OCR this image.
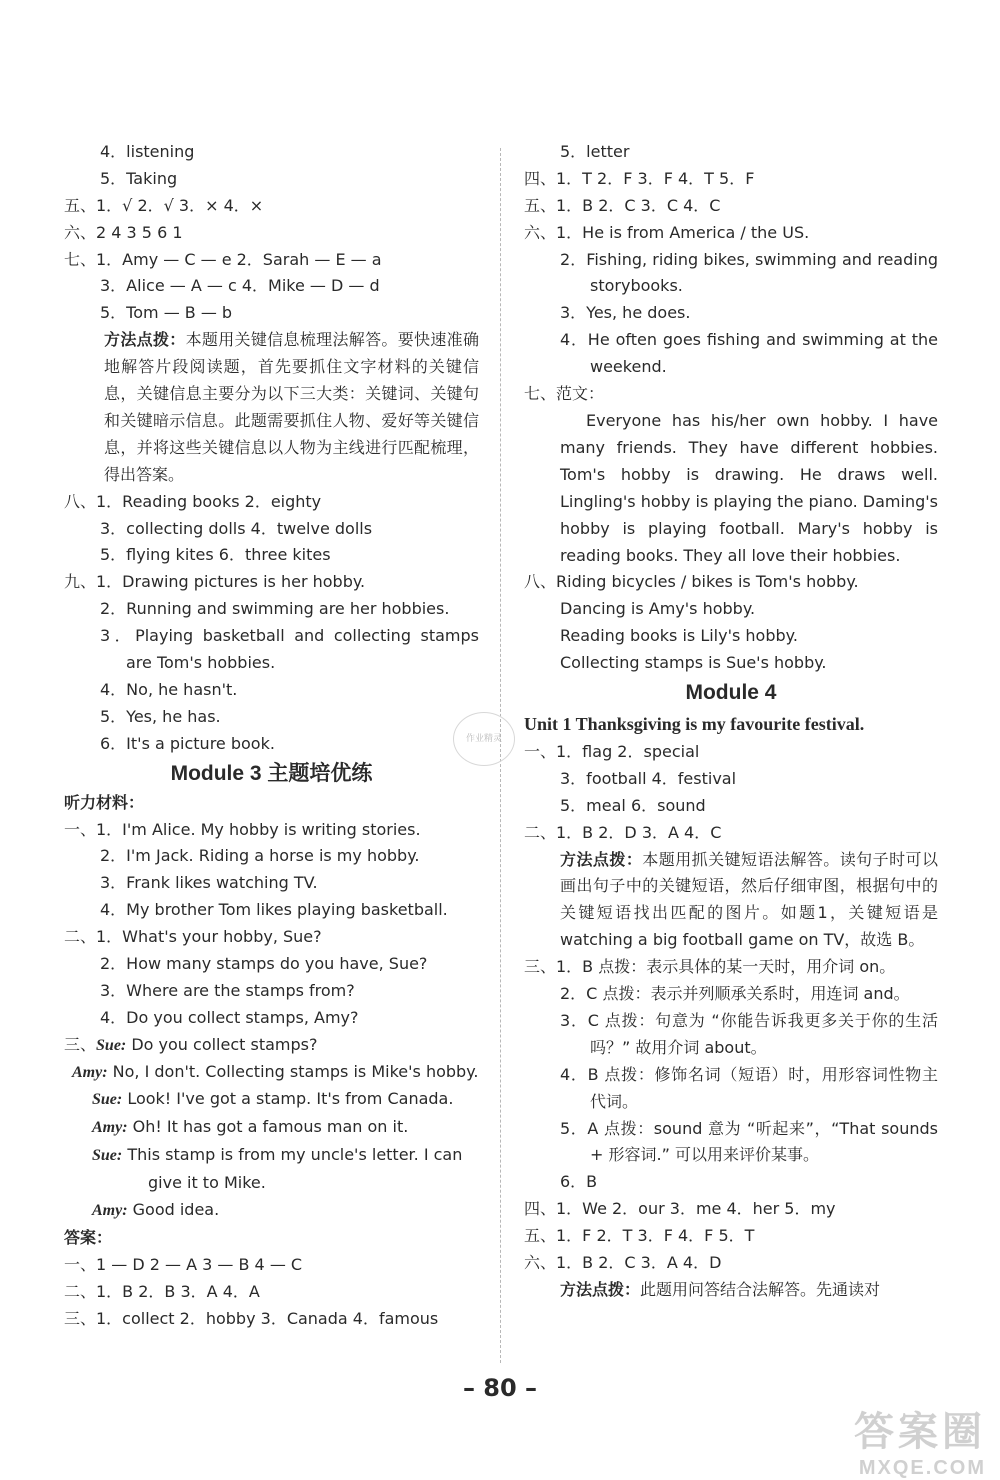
4．listening
5．Taking
五、1．√ 2．√ 3．× 4．×
六、2 4 3 5 6 1
七、1．Amy — C — e 2．Sarah — E — a
3．Alice — A — c 4．Mike — D — d
5．Tom — B — b
方法点拨：本题用关键信息梳理法解答。要快速准确地解答片段阅读题，首先要抓住文字材料的关键信息，关键信息主要分为以下三大类：关键词、关键句和关键暗示信息。此题需要抓住人物、爱好等关键信息，并将这些关键信息以人物为主线进行匹配梳理，得出答案。
八、1．Reading books 2．eighty
3．collecting dolls 4．twelve dolls
5．flying kites 6．three kites
九、1．Drawing pictures is her hobby.
2．Running and swimming are her hobbies.
3．Playing basketball and collecting stamps are Tom's hobbies.
4．No, he hasn't.
5．Yes, he has.
6．It's a picture book.
Module 3 主题培优练
听力材料：
一、1．I'm Alice. My hobby is writing stories.
2．I'm Jack. Riding a horse is my hobby.
3．Frank likes watching TV.
4．My brother Tom likes playing basketball.
二、1．What's your hobby, Sue?
2．How many stamps do you have, Sue?
3．Where are the stamps from?
4．Do you collect stamps, Amy?
三、Sue: Do you collect stamps?
Amy: No, I don't. Collecting stamps is Mike's hobby.
Sue: Look! I've got a stamp. It's from Canada.
Amy: Oh! It has got a famous man on it.
Sue: This stamp is from my uncle's letter. I can give it to Mike.
Amy: Good idea.
答案：
一、1 — D 2 — A 3 — B 4 — C
二、1．B 2．B 3．A 4．A
三、1．collect 2．hobby 3．Canada 4．famous
作业精灵
5．letter
四、1．T 2．F 3．F 4．T 5．F
五、1．B 2．C 3．C 4．C
六、1．He is from America / the US.
2．Fishing, riding bikes, swimming and reading storybooks.
3．Yes, he does.
4．He often goes fishing and swimming at the weekend.
七、范文：
Everyone has his/her own hobby. I have many friends. They have different hobbies. Tom's hobby is drawing. He draws well. Lingling's hobby is playing the piano. Daming's hobby is playing football. Mary's hobby is reading books. They all love their hobbies.
八、Riding bicycles / bikes is Tom's hobby.
Dancing is Amy's hobby.
Reading books is Lily's hobby.
Collecting stamps is Sue's hobby.
Module 4
Unit 1 Thanksgiving is my favourite festival.
一、1．flag 2．special
3．football 4．festival
5．meal 6．sound
二、1．B 2．D 3．A 4．C
方法点拨：本题用抓关键短语法解答。读句子时可以画出句子中的关键短语，然后仔细审图，根据句中的关键短语找出匹配的图片。如题1，关键短语是 watching a big football game on TV，故选 B。
三、1．B 点拨：表示具体的某一天时，用介词 on。
2．C 点拨：表示并列顺承关系时，用连词 and。
3．C 点拨：句意为 “你能告诉我更多关于你的生活吗？” 故用介词 about。
4．B 点拨：修饰名词（短语）时，用形容词性物主代词。
5．A 点拨：sound 意为 “听起来”，“That sounds + 形容词.” 可以用来评价某事。
6．B
四、1．We 2．our 3．me 4．her 5．my
五、1．F 2．T 3．F 4．F 5．T
六、1．B 2．C 3．A 4．D
方法点拨：此题用问答结合法解答。先通读对
– 80 –
答案圈
MXQE.COM
